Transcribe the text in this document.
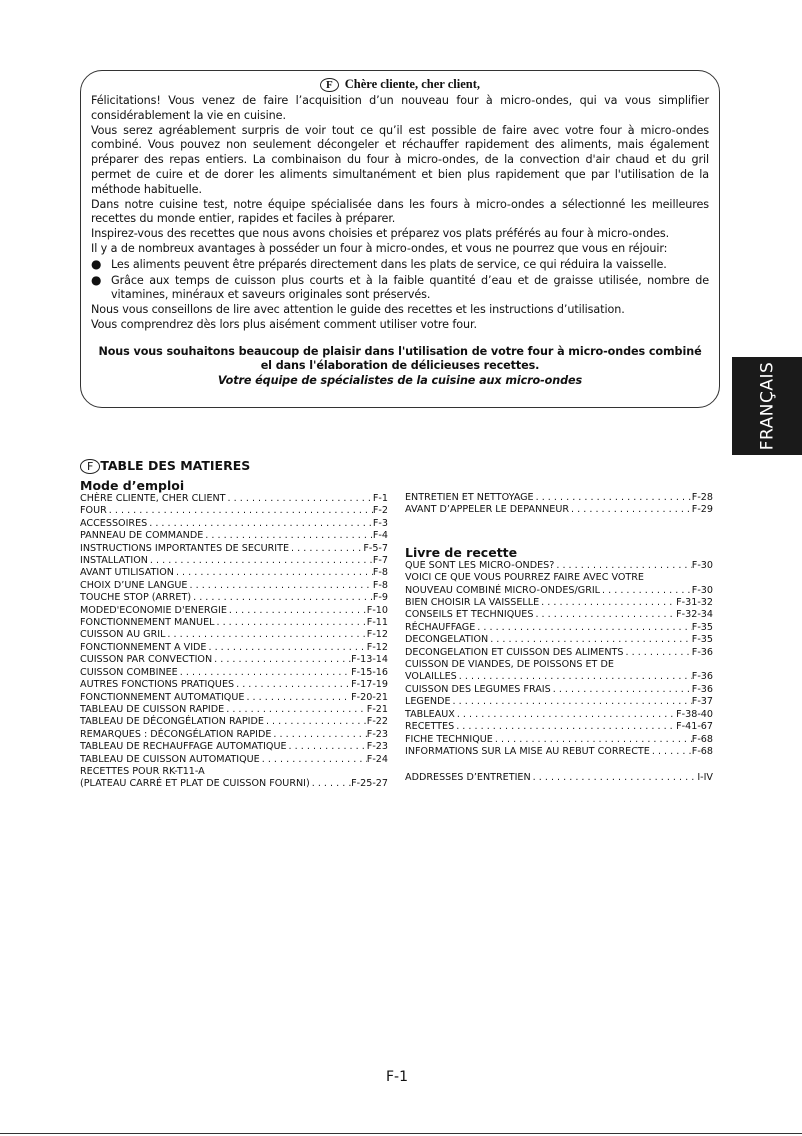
F Chère cliente, cher client,

Félicitations! Vous venez de faire l’acquisition d’un nouveau four à micro-ondes, qui va vous simplifier considérablement la vie en cuisine.

Vous serez agréablement surpris de voir tout ce qu’il est possible de faire avec votre four à micro-ondes combiné. Vous pouvez non seulement décongeler et réchauffer rapidement des aliments, mais également préparer des repas entiers. La combinaison du four à micro-ondes, de la convection d'air chaud et du gril permet de cuire et de dorer les aliments simultanément et bien plus rapidement que par l'utilisation de la méthode habituelle.

Dans notre cuisine test, notre équipe spécialisée dans les fours à micro-ondes a sélectionné les meilleures recettes du monde entier, rapides et faciles à préparer.

Inspirez-vous des recettes que nous avons choisies et préparez vos plats préférés au four à micro-ondes.

Il y a de nombreux avantages à posséder un four à micro-ondes, et vous ne pourrez que vous en réjouir:

● Les aliments peuvent être préparés directement dans les plats de service, ce qui réduira la vaisselle.

● Grâce aux temps de cuisson plus courts et à la faible quantité d’eau et de graisse utilisée, nombre de vitamines, minéraux et saveurs originales sont préservés.

Nous vous conseillons de lire avec attention le guide des recettes et les instructions d’utilisation.

Vous comprendrez dès lors plus aisément comment utiliser votre four.

Nous vous souhaitons beaucoup de plaisir dans l'utilisation de votre four à micro-ondes combiné el dans l'élaboration de délicieuses recettes.

Votre équipe de spécialistes de la cuisine aux micro-ondes	FRANÇAIS
F TABLE DES MATIERES
Mode d’emploi
CHÈRE CLIENTE, CHER CLIENT . . .	F-1
FOUR . . .	F-2
ACCESSOIRES . . .	F-3
PANNEAU DE COMMANDE . . .	F-4
INSTRUCTIONS IMPORTANTES DE SECURITE . . .	F-5-7
INSTALLATION . . .	F-7
AVANT UTILISATION . . .	F-8
CHOIX D’UNE LANGUE . . .	F-8
TOUCHE STOP (ARRET) . . .	F-9
MODED'ECONOMIE D'ENERGIE . . .	F-10
FONCTIONNEMENT MANUEL . . .	F-11
CUISSON AU GRIL . . .	F-12
FONCTIONNEMENT A VIDE . . .	F-12
CUISSON PAR CONVECTION . . .	F-13-14
CUISSON COMBINEE . . .	F-15-16
AUTRES FONCTIONS PRATIQUES . . .	F-17-19
FONCTIONNEMENT AUTOMATIQUE . . .	F-20-21
TABLEAU DE CUISSON RAPIDE . . .	F-21
TABLEAU DE DÉCONGÉLATION RAPIDE . . .	F-22
REMARQUES : DÉCONGÉLATION RAPIDE . . .	F-23
TABLEAU DE RECHAUFFAGE AUTOMATIQUE . . .	F-23
TABLEAU DE CUISSON AUTOMATIQUE . . .	F-24
RECETTES POUR RK-T11-A
(PLATEAU CARRÉ ET PLAT DE CUISSON FOURNI) . . .	F-25-27
ENTRETIEN ET NETTOYAGE . . .	F-28
AVANT D’APPELER LE DEPANNEUR . . .	F-29
Livre de recette
QUE SONT LES MICRO-ONDES? . . .	F-30
VOICI CE QUE VOUS POURREZ FAIRE AVEC VOTRE
NOUVEAU COMBINÉ MICRO-ONDES/GRIL . . .	F-30
BIEN CHOISIR LA VAISSELLE . . .	F-31-32
CONSEILS ET TECHNIQUES . . .	F-32-34
RÉCHAUFFAGE . . .	F-35
DECONGELATION . . .	F-35
DECONGELATION ET CUISSON DES ALIMENTS . . .	F-36
CUISSON DE VIANDES, DE POISSONS ET DE
VOLAILLES . . .	F-36
CUISSON DES LEGUMES FRAIS . . .	F-36
LEGENDE . . .	F-37
TABLEAUX . . .	F-38-40
RECETTES . . .	F-41-67
FICHE TECHNIQUE . . .	F-68
INFORMATIONS SUR LA MISE AU REBUT CORRECTE . . .	F-68
ADDRESSES D’ENTRETIEN . . .	I-IV
F-1
